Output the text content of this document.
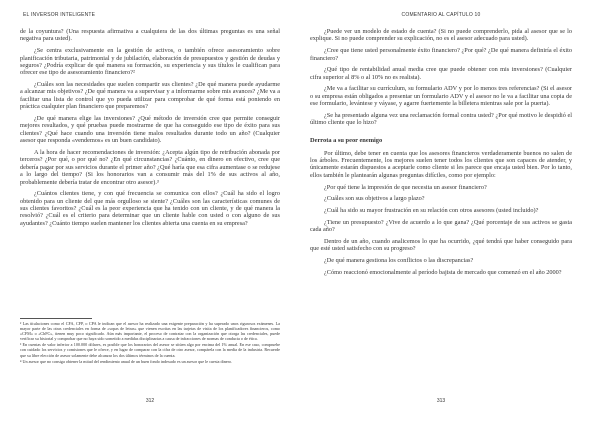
EL INVERSOR INTELIGENTE

de la coyuntura? (Una respuesta afirmativa a cualquiera de las dos últimas preguntas es una señal negativa para usted).

¿Se centra exclusivamente en la gestión de activos, o también ofrece asesoramiento sobre planificación tributaria, patrimonial y de jubilación, elaboración de presupuestos y gestión de deudas y seguros? ¿Podría explicar de qué manera su formación, su experiencia y sus títulos le cualifican para ofrecer ese tipo de asesoramiento financiero?²

¿Cuáles son las necesidades que suelen compartir sus clientes? ¿De qué manera puede ayudarme a alcanzar mis objetivos? ¿De qué manera va a supervisar y a informarme sobre mis avances? ¿Me va a facilitar una lista de control que yo pueda utilizar para comprobar de qué forma está poniendo en práctica cualquier plan financiero que preparemos?

¿De qué manera elige las inversiones? ¿Qué método de inversión cree que permite conseguir mejores resultados, y qué pruebas puede mostrarme de que ha conseguido ese tipo de éxito para sus clientes? ¿Qué hace cuando una inversión tiene malos resultados durante todo un año? (Cualquier asesor que responda «vendemos» es un buen candidato).

A la hora de hacer recomendaciones de inversión: ¿Acepta algún tipo de retribución abonada por terceros? ¿Por qué, o por qué no? ¿En qué circunstancias? ¿Cuánto, en dinero en efectivo, cree que debería pagar por sus servicios durante el primer año? ¿Qué haría que esa cifra aumentase o se redujese a lo largo del tiempo? (Si los honorarios van a consumir más del 1% de sus activos al año, probablemente debería tratar de encontrar otro asesor).³

¿Cuántos clientes tiene, y con qué frecuencia se comunica con ellos? ¿Cuál ha sido el logro obtenido para un cliente del que más orgulloso se siente? ¿Cuáles son las características comunes de sus clientes favoritos? ¿Cuál es la peor experiencia que ha tenido con un cliente, y de qué manera la resolvió? ¿Cuál es el criterio para determinar que un cliente hable con usted o con alguno de sus ayudantes? ¿Cuánto tiempo suelen mantener los clientes abierta una cuenta en su empresa?

² Las titulaciones como el CFA, CFP, o CPA le indican que el asesor ha realizado una exigente preparación y ha superado unos rigurosos exámenes. La mayor parte de las otras credenciales en forma de «sopas de letras» que vienen escritas en las tarjetas de visita de los planificadores financieros, como «CFM» o «ChFC», tienen muy poco significado. Aún más importante, el proceso de contratar con la organización que otorga las credenciales, puede verificar su historial y comprobar que no haya sido sometido a medidas disciplinarias a causa de infracciones de normas de conducta o de ética.

³ En cuentas de valor inferior a 100.000 dólares, es posible que los honorarios del asesor se sitúen algo por encima del 1% anual. En ese caso, compruebe con cuidado los servicios y comisiones que le ofrece, y en lugar de comparar con la cifra de otro asesor, compárela con la media de la industria. Recuerde que su libre elección de asesor solamente debe alcanzar los dos últimos términos de la cuenta.

⁴ Un asesor que no consiga obtener la mitad del rendimiento anual de un buen fondo indexado es un asesor que le cuesta dinero.

312
COMENTARIO AL CAPÍTULO 10

¿Puede ver un modelo de estado de cuenta? (Si no puede comprenderlo, pida al asesor que se lo explique. Si no puede comprender su explicación, no es el asesor adecuado para usted).

¿Cree que tiene usted personalmente éxito financiero? ¿Por qué? ¿De qué manera definiría el éxito financiero?

¿Qué tipo de rentabilidad anual media cree que puede obtener con mis inversiones? (Cualquier cifra superior al 8% o al 10% no es realista).

¿Me va a facilitar su currículum, su formulario ADV y por lo menos tres referencias? (Si el asesor o su empresa están obligados a presentar un formulario ADV y el asesor no le va a facilitar una copia de ese formulario, levántese y váyase, y agarre fuertemente la billetera mientras sale por la puerta).

¿Se ha presentado alguna vez una reclamación formal contra usted? ¿Por qué motivo le despidió el último cliente que lo hizo?

Derrota a su peor enemigo

Por último, debe tener en cuenta que los asesores financieros verdaderamente buenos no salen de los árboles. Frecuentemente, los mejores suelen tener todos los clientes que son capaces de atender, y únicamente estarán dispuestos a aceptarle como cliente si les parece que encaja usted bien. Por lo tanto, ellos también le plantearán algunas preguntas difíciles, como por ejemplo:

¿Por qué tiene la impresión de que necesita un asesor financiero?

¿Cuáles son sus objetivos a largo plazo?

¿Cuál ha sido su mayor frustración en su relación con otros asesores (usted incluido)?

¿Tiene un presupuesto? ¿Vive de acuerdo a lo que gana? ¿Qué porcentaje de sus activos se gasta cada año?

Dentro de un año, cuando analicemos lo que ha ocurrido, ¿qué tendrá que haber conseguido para que esté usted satisfecho con su progreso?

¿De qué manera gestiona los conflictos o las discrepancias?

¿Cómo reaccionó emocionalmente al período bajista de mercado que comenzó en el año 2000?

313
